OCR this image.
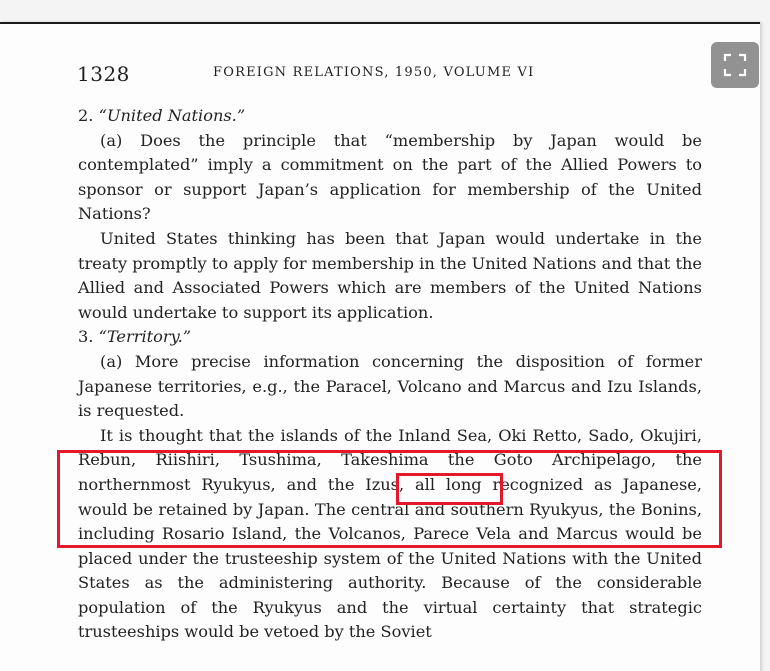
1328	FOREIGN RELATIONS, 1950, VOLUME VI

2. “United Nations.”

(a) Does the principle that “membership by Japan would be contemplated” imply a commitment on the part of the Allied Powers to sponsor or support Japan’s application for membership of the United Nations?

United States thinking has been that Japan would undertake in the treaty promptly to apply for membership in the United Nations and that the Allied and Associated Powers which are members of the United Nations would undertake to support its application.

3. “Territory.”

(a) More precise information concerning the disposition of former Japanese territories, e.g., the Paracel, Volcano and Marcus and Izu Islands, is requested.

It is thought that the islands of the Inland Sea, Oki Retto, Sado, Okujiri, Rebun, Riishiri, Tsushima, Takeshima the Goto Archipelago, the northernmost Ryukyus, and the Izus, all long recognized as Japanese, would be retained by Japan. The central and southern Ryukyus, the Bonins, including Rosario Island, the Volcanos, Parece Vela and Marcus would be placed under the trusteeship system of the United Nations with the United States as the administering authority. Because of the considerable population of the Ryukyus and the virtual certainty that strategic trusteeships would be vetoed by the Soviet
